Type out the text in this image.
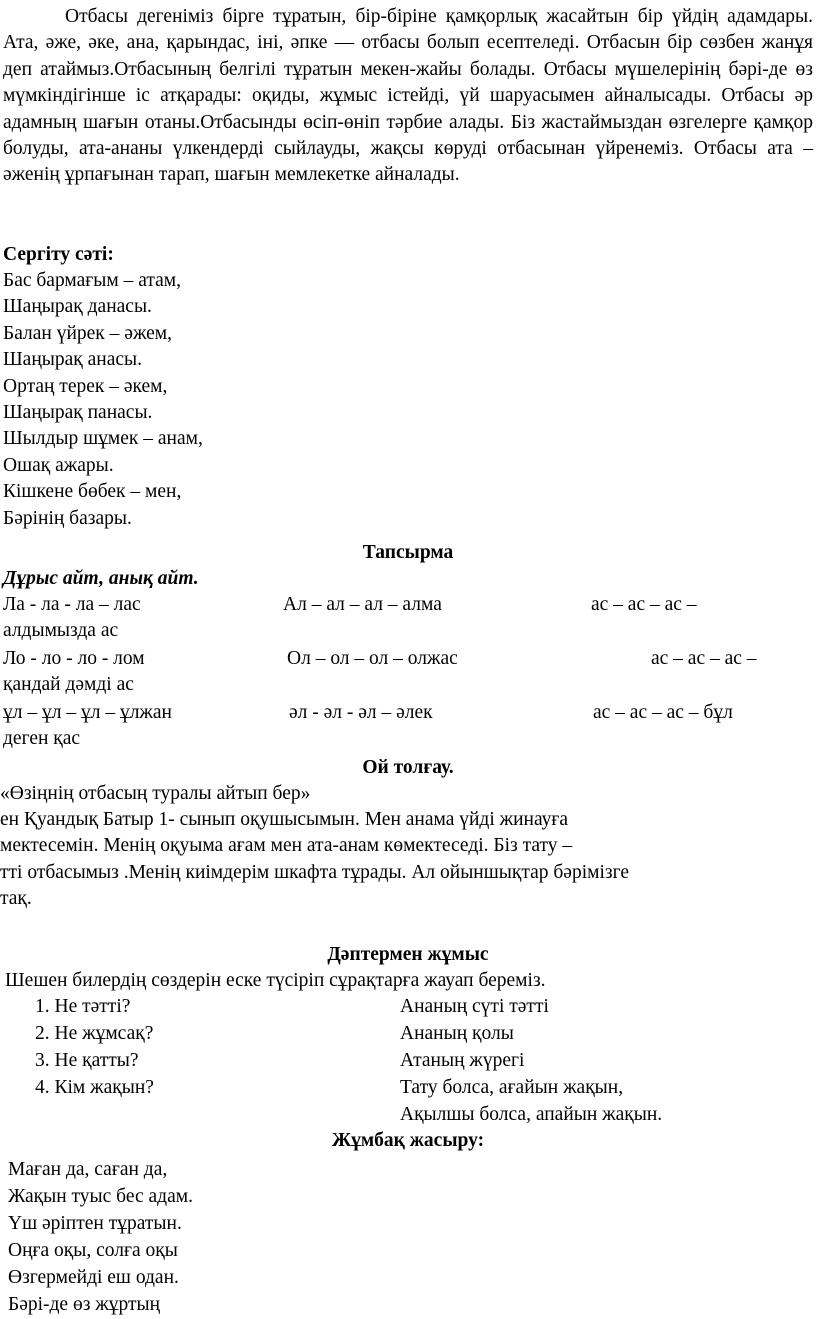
Отбасы дегеніміз бірге тұратын, бір-біріне қамқорлық жасайтын бір үйдің адамдары. Ата, әже, әке, ана, қарындас, іні, әпке — отбасы болып есептеледі. Отбасын бір сөзбен жанұя деп атаймыз.Отбасының белгілі тұратын мекен-жайы болады. Отбасы мүшелерінің бәрі-де өз мүмкіндігінше іс атқарады: оқиды, жұмыс істейді, үй шаруасымен айналысады. Отбасы әр адамның шағын отаны.Отбасынды өсіп-өніп тәрбие алады. Біз жастаймыздан өзгелерге қамқор болуды, ата-ананы үлкендерді сыйлауды, жақсы көруді отбасынан үйренеміз. Отбасы ата – әженің ұрпағынан тарап, шағын мемлекетке айналады.

Сергіту сәті:
Бас бармағым – атам,
Шаңырақ данасы.
Балан үйрек – әжем,
Шаңырақ анасы.
Ортаң терек – әкем,
Шаңырақ панасы.
Шылдыр шұмек – анам,
Ошақ ажары.
Кішкене бөбек – мен,
Бәрінің базары.
Тапсырма
Дұрыс айт, анық айт.
Ла - ла - ла – лас	Ал – ал – ал – алма	ас – ас – ас –
алдымызда ас
Ло - ло - ло - лом	Ол – ол – ол – олжас	ас – ас – ас –
қандай дәмді ас
ұл – ұл – ұл – ұлжан	әл - әл - әл – әлек	ас – ас – ас – бұл
деген қас
Ой толғау.
«Өзіңнің отбасың туралы айтып бер»
ен Қуандық Батыр 1- сынып оқушысымын. Мен анама үйді жинауға
мектесемін. Менің оқуыма ағам мен ата-анам көмектеседі. Біз тату –
тті отбасымыз .Менің киімдерім шкафта тұрады. Ал ойыншықтар бәрімізге
тақ.
Дәптермен жұмыс
Шешен билердің сөздерін еске түсіріп сұрақтарға жауап береміз.
1. Не тәтті?	Ананың сүті тәтті
2. Не жұмсақ?	Ананың қолы
3. Не қатты?	Атаның жүрегі
4. Кім жақын?	Тату болса, ағайын жақын,
Ақылшы болса, апайын жақын.
Жұмбақ жасыру:
Маған да, саған да,
Жақын туыс бес адам.
Үш әріптен тұратын.
Оңға оқы, солға оқы
Өзгермейді еш одан.
Бәрі-де өз жұртың
